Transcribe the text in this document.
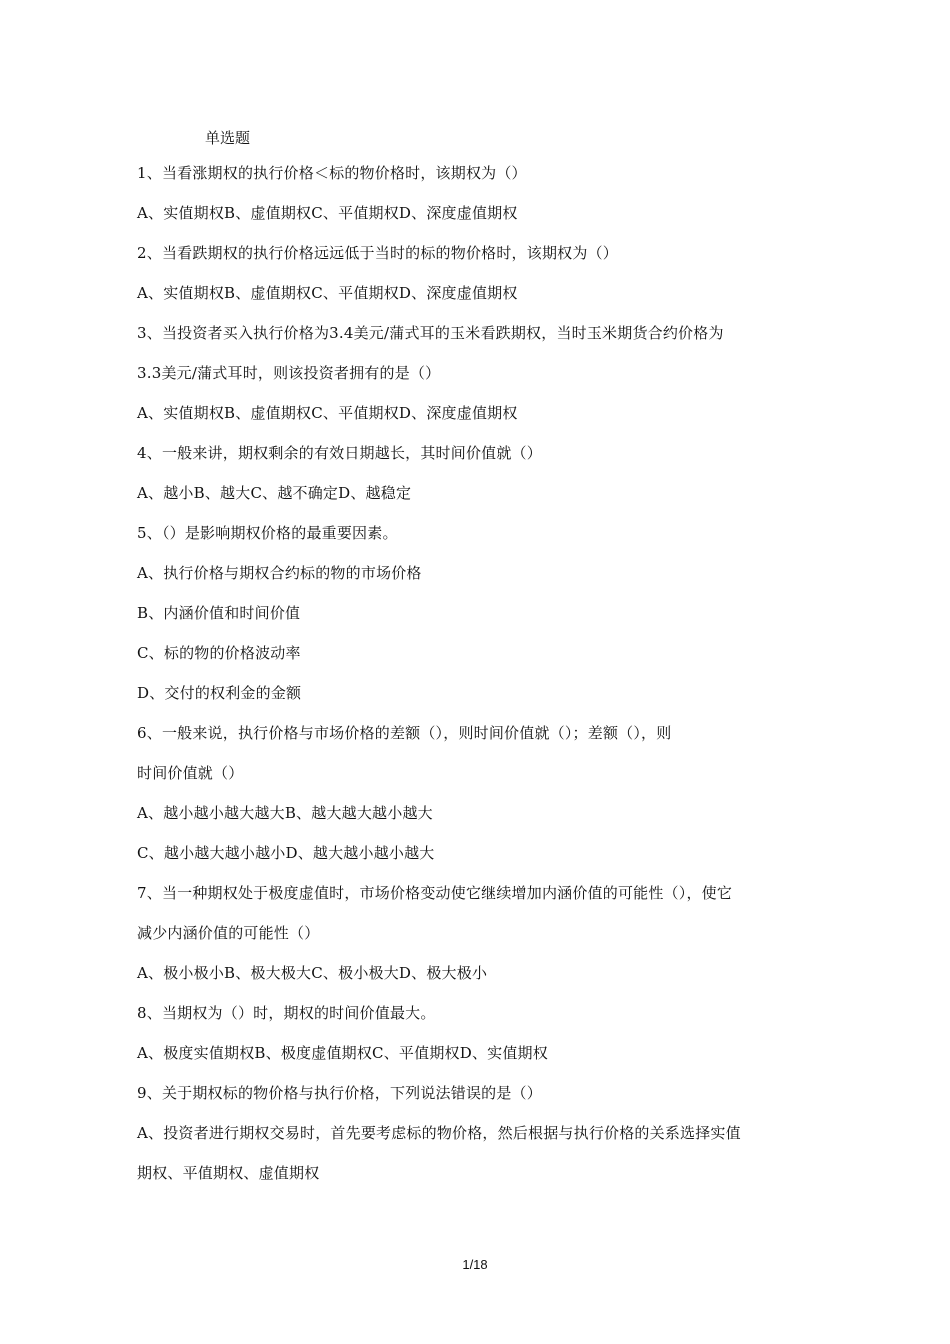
单选题
1、当看涨期权的执行价格＜标的物价格时，该期权为（）
A、实值期权B、虚值期权C、平值期权D、深度虚值期权
2、当看跌期权的执行价格远远低于当时的标的物价格时，该期权为（）
A、实值期权B、虚值期权C、平值期权D、深度虚值期权
3、当投资者买入执行价格为3.4美元/蒲式耳的玉米看跌期权，当时玉米期货合约价格为
3.3美元/蒲式耳时，则该投资者拥有的是（）
A、实值期权B、虚值期权C、平值期权D、深度虚值期权
4、一般来讲，期权剩余的有效日期越长，其时间价值就（）
A、越小B、越大C、越不确定D、越稳定
5、（）是影响期权价格的最重要因素。
A、执行价格与期权合约标的物的市场价格
B、内涵价值和时间价值
C、标的物的价格波动率
D、交付的权利金的金额
6、一般来说，执行价格与市场价格的差额（），则时间价值就（）；差额（），则
时间价值就（）
A、越小越小越大越大B、越大越大越小越大
C、越小越大越小越小D、越大越小越小越大
7、当一种期权处于极度虚值时，市场价格变动使它继续增加内涵价值的可能性（），使它
减少内涵价值的可能性（）
A、极小极小B、极大极大C、极小极大D、极大极小
8、当期权为（）时，期权的时间价值最大。
A、极度实值期权B、极度虚值期权C、平值期权D、实值期权
9、关于期权标的物价格与执行价格，下列说法错误的是（）
A、投资者进行期权交易时，首先要考虑标的物价格，然后根据与执行价格的关系选择实值
期权、平值期权、虚值期权
1/18
